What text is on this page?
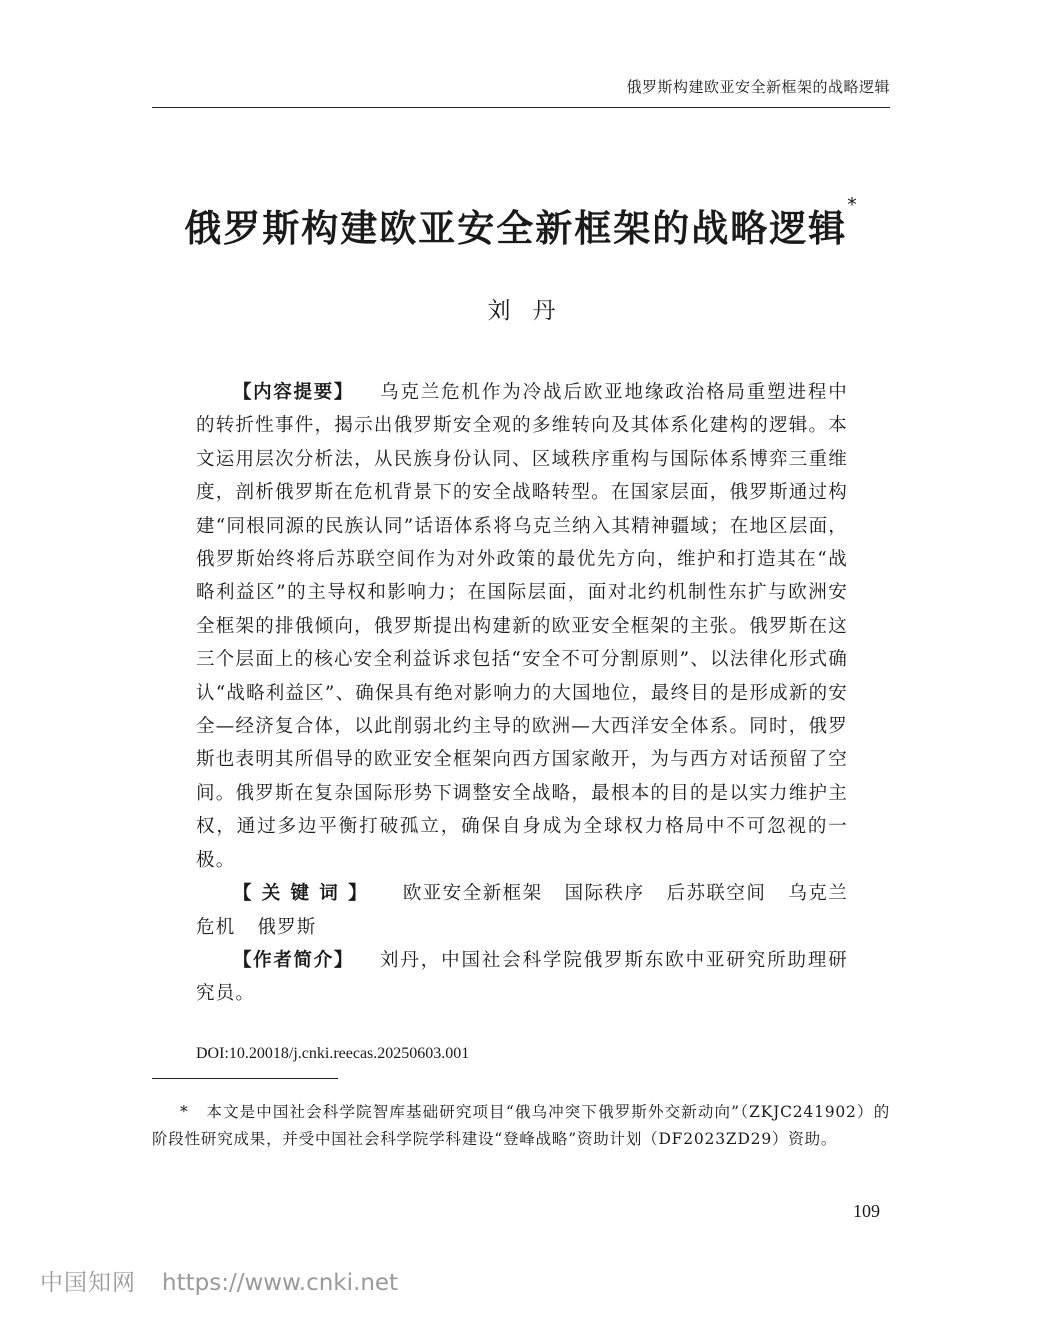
俄罗斯构建欧亚安全新框架的战略逻辑
俄罗斯构建欧亚安全新框架的战略逻辑*
刘丹

【内容提要】 乌克兰危机作为冷战后欧亚地缘政治格局重塑进程中的转折性事件，揭示出俄罗斯安全观的多维转向及其体系化建构的逻辑。本文运用层次分析法，从民族身份认同、区域秩序重构与国际体系博弈三重维度，剖析俄罗斯在危机背景下的安全战略转型。在国家层面，俄罗斯通过构建“同根同源的民族认同”话语体系将乌克兰纳入其精神疆域；在地区层面，俄罗斯始终将后苏联空间作为对外政策的最优先方向，维护和打造其在“战略利益区”的主导权和影响力；在国际层面，面对北约机制性东扩与欧洲安全框架的排俄倾向，俄罗斯提出构建新的欧亚安全框架的主张。俄罗斯在这三个层面上的核心安全利益诉求包括“安全不可分割原则”、以法律化形式确认“战略利益区”、确保具有绝对影响力的大国地位，最终目的是形成新的安全—经济复合体，以此削弱北约主导的欧洲—大西洋安全体系。同时，俄罗斯也表明其所倡导的欧亚安全框架向西方国家敞开，为与西方对话预留了空间。俄罗斯在复杂国际形势下调整安全战略，最根本的目的是以实力维护主权，通过多边平衡打破孤立，确保自身成为全球权力格局中不可忽视的一极。

【关键词】 欧亚安全新框架 国际秩序 后苏联空间 乌克兰危机 俄罗斯

【作者简介】 刘丹，中国社会科学院俄罗斯东欧中亚研究所助理研究员。

DOI:10.20018/j.cnki.reecas.20250603.001
* 本文是中国社会科学院智库基础研究项目“俄乌冲突下俄罗斯外交新动向”（ZKJC241902）的阶段性研究成果，并受中国社会科学院学科建设“登峰战略”资助计划（DF2023ZD29）资助。
109
中国知网 https://www.cnki.net
